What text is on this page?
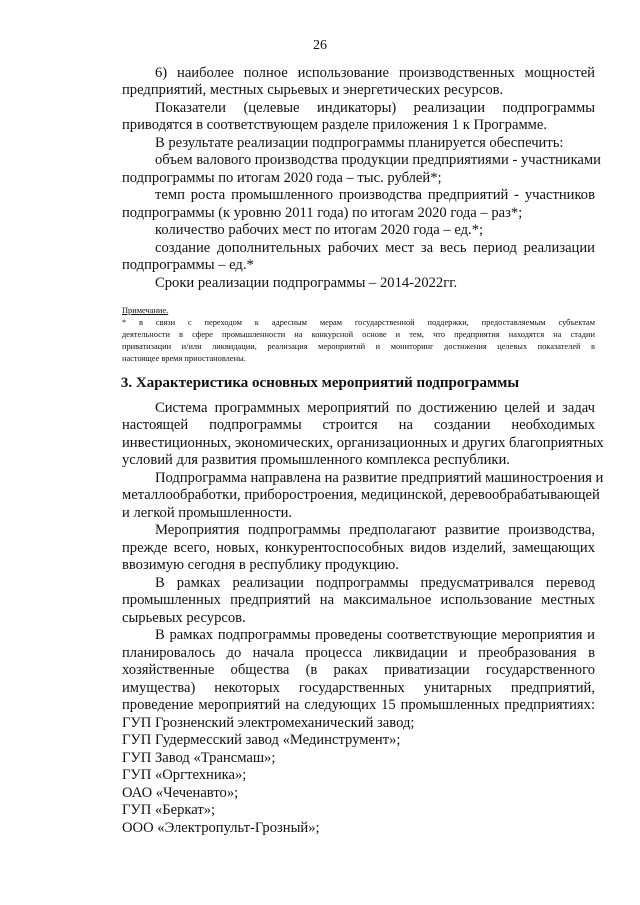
26
6) наиболее полное использование производственных мощностей
предприятий, местных сырьевых и энергетических ресурсов.
Показатели (целевые индикаторы) реализации подпрограммы
приводятся в соответствующем разделе приложения 1 к Программе.
В результате реализации подпрограммы планируется обеспечить:
объем валового производства продукции предприятиями - участниками
подпрограммы по итогам 2020 года – тыс. рублей*;
темп роста промышленного производства предприятий - участников
подпрограммы (к уровню 2011 года) по итогам 2020 года – раз*;
количество рабочих мест по итогам 2020 года – ед.*;
создание дополнительных рабочих мест за весь период реализации
подпрограммы – ед.*
Сроки реализации подпрограммы – 2014-2022гг.
Примечание.
* в связи с переходом к адресным мерам государственной поддержки, предоставляемым субъектам
деятельности в сфере промышленности на конкурсной основе и тем, что предприятия находятся на стадии
приватизации и/или ликвидации, реализация мероприятий и мониторинг достижения целевых показателей в
настоящее время приостановлены.
3. Характеристика основных мероприятий подпрограммы
Система программных мероприятий по достижению целей и задач
настоящей подпрограммы строится на создании необходимых
инвестиционных, экономических, организационных и других благоприятных
условий для развития промышленного комплекса республики.
Подпрограмма направлена на развитие предприятий машиностроения и
металлообработки, приборостроения, медицинской, деревообрабатывающей
и легкой промышленности.
Мероприятия подпрограммы предполагают развитие производства,
прежде всего, новых, конкурентоспособных видов изделий, замещающих
ввозимую сегодня в республику продукцию.
В рамках реализации подпрограммы предусматривался перевод
промышленных предприятий на максимальное использование местных
сырьевых ресурсов.
В рамках подпрограммы проведены соответствующие мероприятия и
планировалось до начала процесса ликвидации и преобразования в
хозяйственные общества (в раках приватизации государственного
имущества) некоторых государственных унитарных предприятий,
проведение мероприятий на следующих 15 промышленных предприятиях:
ГУП Грозненский электромеханический завод;
ГУП Гудермесский завод «Мединструмент»;
ГУП Завод «Трансмаш»;
ГУП «Оргтехника»;
ОАО «Чеченавто»;
ГУП «Беркат»;
ООО «Электропульт-Грозный»;
